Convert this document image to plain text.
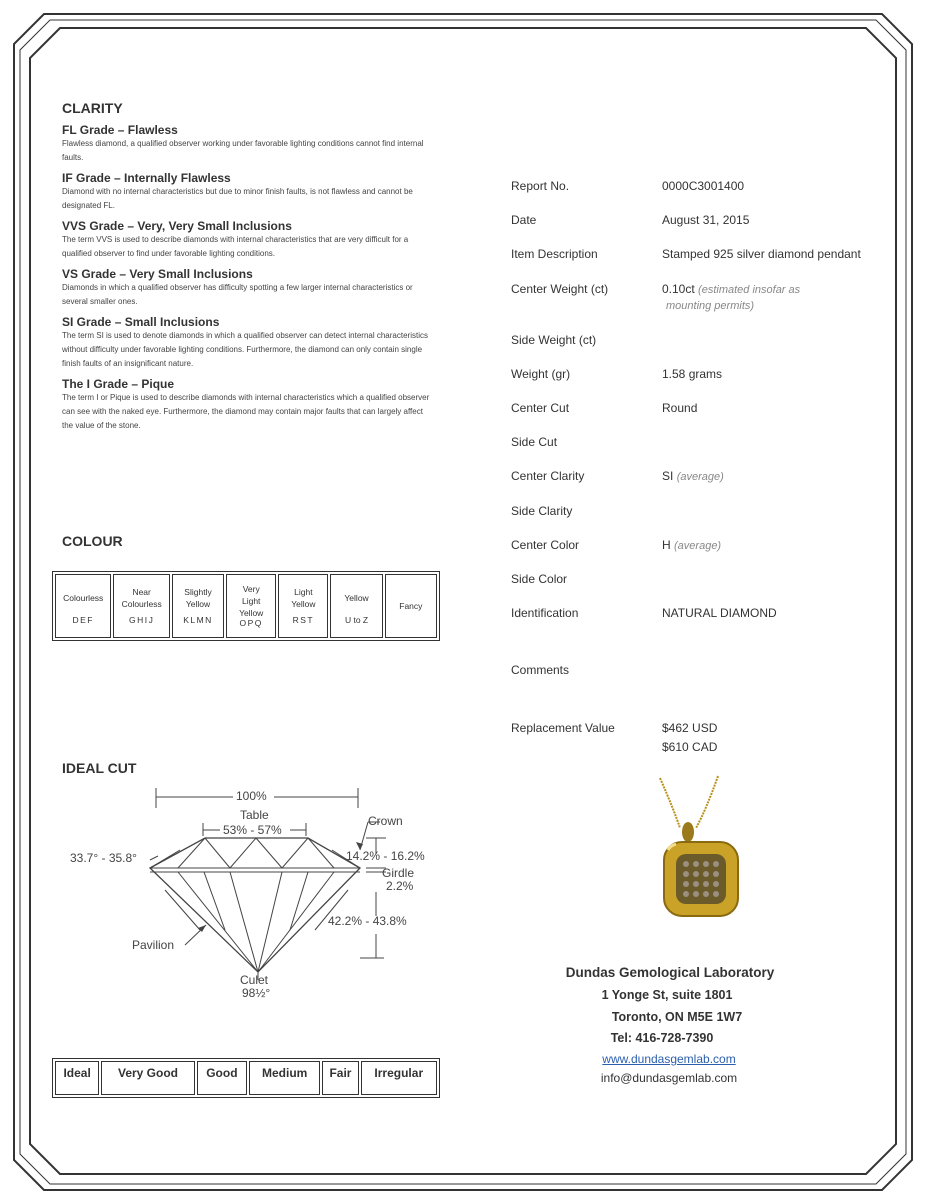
CLARITY

FL Grade – Flawless

Flawless diamond, a qualified observer working under favorable lighting conditions cannot find internal faults.

IF Grade – Internally Flawless

Diamond with no internal characteristics but due to minor finish faults, is not flawless and cannot be designated FL.

VVS Grade – Very, Very Small Inclusions

The term VVS is used to describe diamonds with internal characteristics that are very difficult for a qualified observer to find under favorable lighting conditions.

VS Grade – Very Small Inclusions

Diamonds in which a qualified observer has difficulty spotting a few larger internal characteristics or several smaller ones.

SI Grade – Small Inclusions

The term SI is used to denote diamonds in which a qualified observer can detect internal characteristics without difficulty under favorable lighting conditions. Furthermore, the diamond can only contain single finish faults of an insignificant nature.

The I Grade – Pique

The term I or Pique is used to describe diamonds with internal characteristics which a qualified observer can see with the naked eye. Furthermore, the diamond may contain major faults that can largely affect the value of the stone.

COLOUR
Colourless
DEF

Near Colourless
GHIJ

Slightly Yellow
KLMN

Very Light Yellow
OPQ

Light Yellow
RST

Yellow
U to Z

Fancy
IDEAL CUT
100%
Table
53% - 57%
Crown
33.7° - 35.8°	14.2% - 16.2%
Girdle
2.2%
42.2% - 43.8%
Pavilion
Culet
98½°
Ideal	Very Good	Good	Medium	Fair	Irregular
Report No.	0000C3001400
Date	August 31, 2015
Item Description	Stamped 925 silver diamond pendant
Center Weight (ct)	0.10ct (estimated insofar as
mounting permits)
Side Weight (ct)
Weight (gr)	1.58 grams
Center Cut	Round
Side Cut
Center Clarity	SI (average)
Side Clarity
Center Color	H (average)
Side Color
Identification	NATURAL DIAMOND
Comments
Replacement Value	$462 USD
$610 CAD
Dundas Gemological Laboratory
1 Yonge St, suite 1801
Toronto, ON M5E 1W7
Tel: 416-728-7390
www.dundasgemlab.com
info@dundasgemlab.com
